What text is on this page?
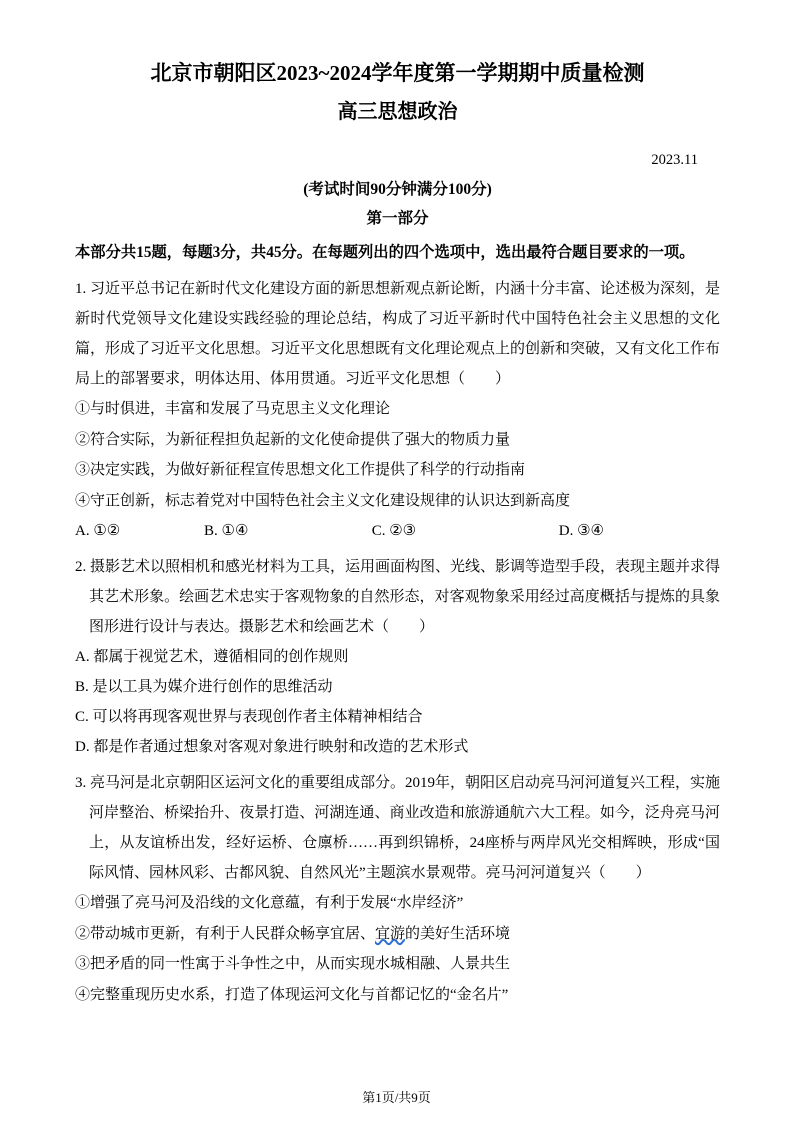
北京市朝阳区2023~2024学年度第一学期期中质量检测
高三思想政治
2023.11
(考试时间90分钟满分100分)
第一部分

本部分共15题，每题3分，共45分。在每题列出的四个选项中，选出最符合题目要求的一项。

1. 习近平总书记在新时代文化建设方面的新思想新观点新论断，内涵十分丰富、论述极为深刻，是新时代党领导文化建设实践经验的理论总结，构成了习近平新时代中国特色社会主义思想的文化篇，形成了习近平文化思想。习近平文化思想既有文化理论观点上的创新和突破，又有文化工作布局上的部署要求，明体达用、体用贯通。习近平文化思想（　　）

①与时俱进，丰富和发展了马克思主义文化理论

②符合实际，为新征程担负起新的文化使命提供了强大的物质力量

③决定实践，为做好新征程宣传思想文化工作提供了科学的行动指南

④守正创新，标志着党对中国特色社会主义文化建设规律的认识达到新高度

A. ①②	B. ①④	C. ②③	D. ③④

2. 摄影艺术以照相机和感光材料为工具，运用画面构图、光线、影调等造型手段，表现主题并求得其艺术形象。绘画艺术忠实于客观物象的自然形态，对客观物象采用经过高度概括与提炼的具象图形进行设计与表达。摄影艺术和绘画艺术（　　）

A. 都属于视觉艺术，遵循相同的创作规则

B. 是以工具为媒介进行创作的思维活动

C. 可以将再现客观世界与表现创作者主体精神相结合

D. 都是作者通过想象对客观对象进行映射和改造的艺术形式

3. 亮马河是北京朝阳区运河文化的重要组成部分。2019年，朝阳区启动亮马河河道复兴工程，实施河岸整治、桥梁抬升、夜景打造、河湖连通、商业改造和旅游通航六大工程。如今，泛舟亮马河上，从友谊桥出发，经好运桥、仓廪桥……再到织锦桥，24座桥与两岸风光交相辉映，形成“国际风情、园林风彩、古都风貌、自然风光”主题滨水景观带。亮马河河道复兴（　　）

①增强了亮马河及沿线的文化意蕴，有利于发展“水岸经济”

②带动城市更新，有利于人民群众畅享宜居、宜游的美好生活环境

③把矛盾的同一性寓于斗争性之中，从而实现水城相融、人景共生

④完整重现历史水系，打造了体现运河文化与首都记忆的“金名片”

第1页/共9页
